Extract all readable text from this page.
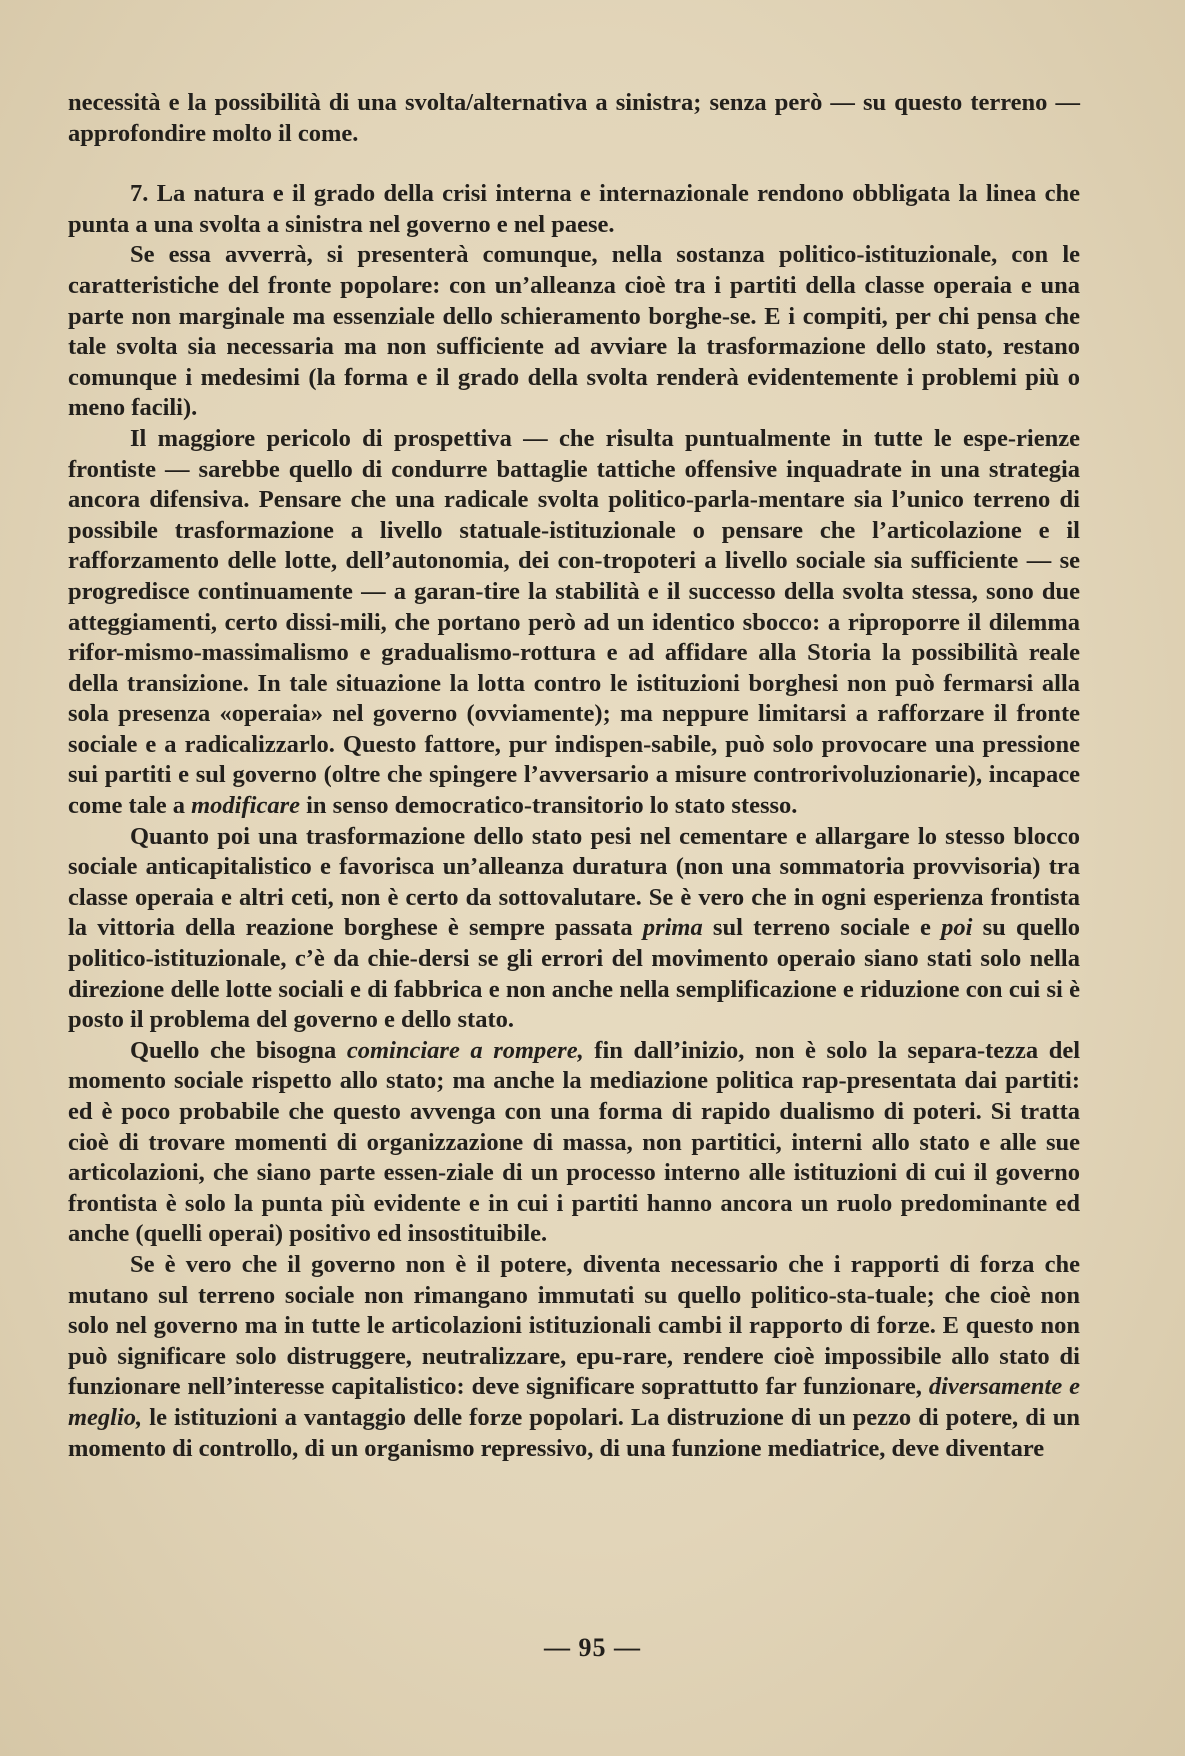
necessità e la possibilità di una svolta/alternativa a sinistra; senza però — su questo terreno — approfondire molto il come.

7. La natura e il grado della crisi interna e internazionale rendono obbligata la linea che punta a una svolta a sinistra nel governo e nel paese.

Se essa avverrà, si presenterà comunque, nella sostanza politico-istituzionale, con le caratteristiche del fronte popolare: con un’alleanza cioè tra i partiti della classe operaia e una parte non marginale ma essenziale dello schieramento borghe-se. E i compiti, per chi pensa che tale svolta sia necessaria ma non sufficiente ad avviare la trasformazione dello stato, restano comunque i medesimi (la forma e il grado della svolta renderà evidentemente i problemi più o meno facili).

Il maggiore pericolo di prospettiva — che risulta puntualmente in tutte le espe-rienze frontiste — sarebbe quello di condurre battaglie tattiche offensive inquadrate in una strategia ancora difensiva. Pensare che una radicale svolta politico-parla-mentare sia l’unico terreno di possibile trasformazione a livello statuale-istituzionale o pensare che l’articolazione e il rafforzamento delle lotte, dell’autonomia, dei con-tropoteri a livello sociale sia sufficiente — se progredisce continuamente — a garan-tire la stabilità e il successo della svolta stessa, sono due atteggiamenti, certo dissi-mili, che portano però ad un identico sbocco: a riproporre il dilemma rifor-mismo-massimalismo e gradualismo-rottura e ad affidare alla Storia la possibilità reale della transizione. In tale situazione la lotta contro le istituzioni borghesi non può fermarsi alla sola presenza «operaia» nel governo (ovviamente); ma neppure limitarsi a rafforzare il fronte sociale e a radicalizzarlo. Questo fattore, pur indispen-sabile, può solo provocare una pressione sui partiti e sul governo (oltre che spingere l’avversario a misure controrivoluzionarie), incapace come tale a modificare in senso democratico-transitorio lo stato stesso.

Quanto poi una trasformazione dello stato pesi nel cementare e allargare lo stesso blocco sociale anticapitalistico e favorisca un’alleanza duratura (non una sommatoria provvisoria) tra classe operaia e altri ceti, non è certo da sottovalutare. Se è vero che in ogni esperienza frontista la vittoria della reazione borghese è sempre passata prima sul terreno sociale e poi su quello politico-istituzionale, c’è da chie-dersi se gli errori del movimento operaio siano stati solo nella direzione delle lotte sociali e di fabbrica e non anche nella semplificazione e riduzione con cui si è posto il problema del governo e dello stato.

Quello che bisogna cominciare a rompere, fin dall’inizio, non è solo la separa-tezza del momento sociale rispetto allo stato; ma anche la mediazione politica rap-presentata dai partiti: ed è poco probabile che questo avvenga con una forma di rapido dualismo di poteri. Si tratta cioè di trovare momenti di organizzazione di massa, non partitici, interni allo stato e alle sue articolazioni, che siano parte essen-ziale di un processo interno alle istituzioni di cui il governo frontista è solo la punta più evidente e in cui i partiti hanno ancora un ruolo predominante ed anche (quelli operai) positivo ed insostituibile.

Se è vero che il governo non è il potere, diventa necessario che i rapporti di forza che mutano sul terreno sociale non rimangano immutati su quello politico-sta-tuale; che cioè non solo nel governo ma in tutte le articolazioni istituzionali cambi il rapporto di forze. E questo non può significare solo distruggere, neutralizzare, epu-rare, rendere cioè impossibile allo stato di funzionare nell’interesse capitalistico: deve significare soprattutto far funzionare, diversamente e meglio, le istituzioni a vantaggio delle forze popolari. La distruzione di un pezzo di potere, di un momento di controllo, di un organismo repressivo, di una funzione mediatrice, deve diventare

— 95 —
